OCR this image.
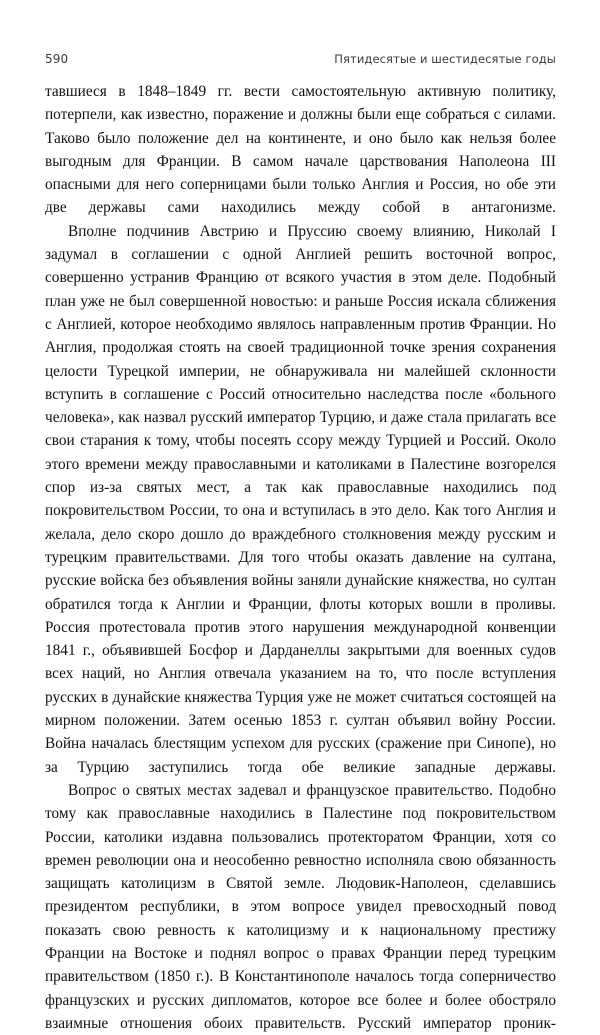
590	Пятидесятые и шестидесятые годы

тавшиеся в 1848–1849 гг. вести самостоятельную активную политику, потерпели, как известно, поражение и должны были еще собраться с силами. Таково было положение дел на континенте, и оно было как нельзя более выгодным для Франции. В самом начале царствования Наполеона III опасными для него соперницами были только Англия и Россия, но обе эти две державы сами находились между собой в антагонизме.

Вполне подчинив Австрию и Пруссию своему влиянию, Николай I задумал в соглашении с одной Англией решить восточной вопрос, совершенно устранив Францию от всякого участия в этом деле. Подобный план уже не был совершенной новостью: и раньше Россия искала сближения с Англией, которое необходимо являлось направленным против Франции. Но Англия, продолжая стоять на своей традиционной точке зрения сохранения целости Турецкой империи, не обнаруживала ни малейшей склонности вступить в соглашение с Россий относительно наследства после «больного человека», как назвал русский император Турцию, и даже стала прилагать все свои старания к тому, чтобы посеять ссору между Турцией и Россий. Около этого времени между православными и католиками в Палестине возгорелся спор из-за святых мест, а так как православные находились под покровительством России, то она и вступилась в это дело. Как того Англия и желала, дело скоро дошло до враждебного столкновения между русским и турецким правительствами. Для того чтобы оказать давление на султана, русские войска без объявления войны заняли дунайские княжества, но султан обратился тогда к Англии и Франции, флоты которых вошли в проливы. Россия протестовала против этого нарушения международной конвенции 1841 г., объявившей Босфор и Дарданеллы закрытыми для военных судов всех наций, но Англия отвечала указанием на то, что после вступления русских в дунайские княжества Турция уже не может считаться состоящей на мирном положении. Затем осенью 1853 г. султан объявил войну России. Война началась блестящим успехом для русских (сражение при Синопе), но за Турцию заступились тогда обе великие западные державы.

Вопрос о святых местах задевал и французское правительство. Подобно тому как православные находились в Палестине под покровительством России, католики издавна пользовались протекторатом Франции, хотя со времен революции она и неособенно ревностно исполняла свою обязанность защищать католицизм в Святой земле. Людовик-Наполеон, сделавшись президентом республики, в этом вопросе увидел превосходный повод показать свою ревность к католицизму и к национальному престижу Франции на Востоке и поднял вопрос о правах Франции перед турецким правительством (1850 г.). В Константинополе началось тогда соперничество французских и русских дипломатов, которое все более и более обостряло взаимные отношения обоих правительств. Русский император проник-
